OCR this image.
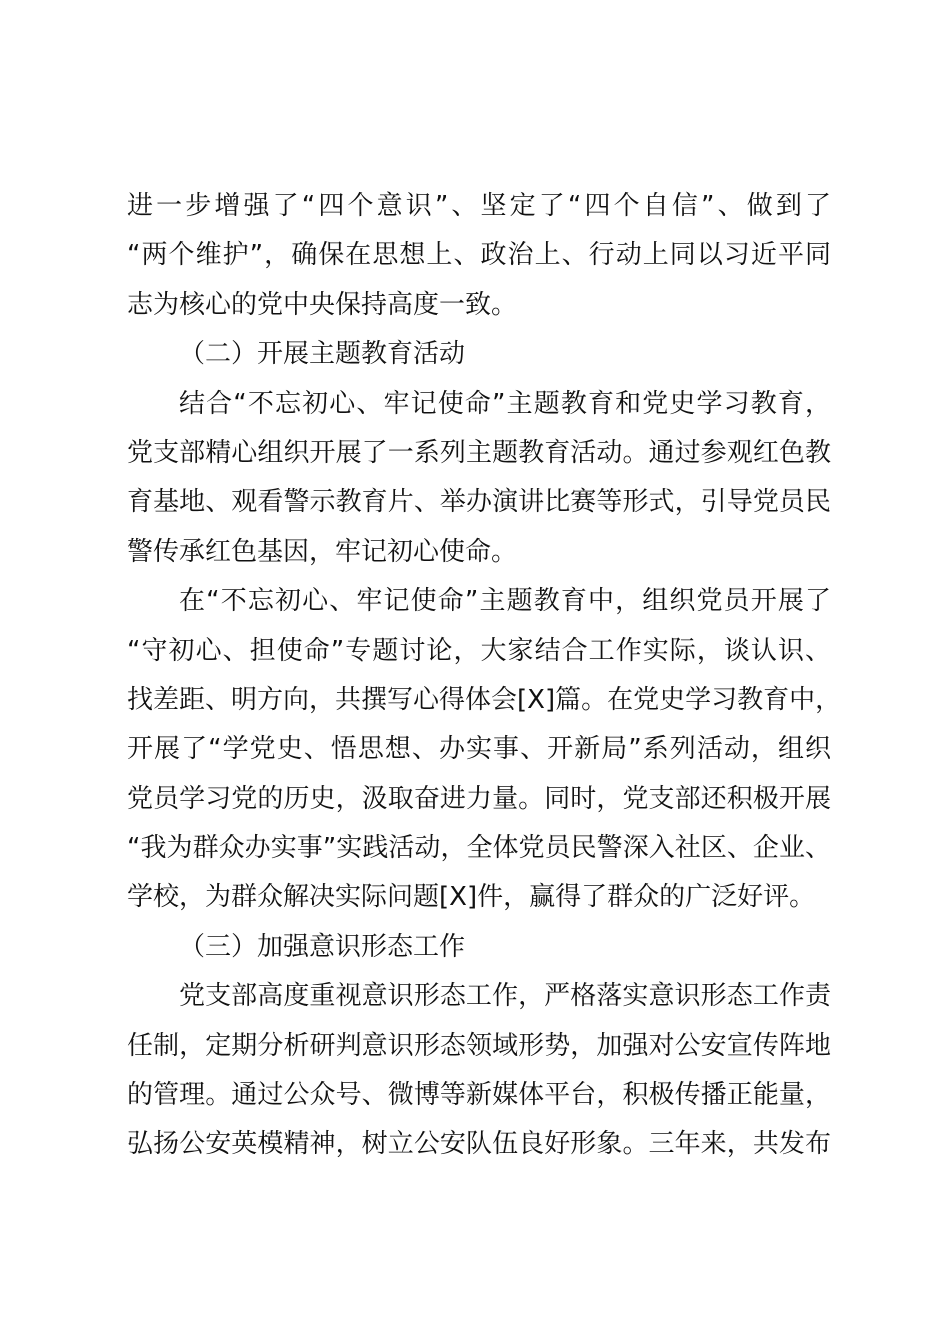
进一步增强了“四个意识”、坚定了“四个自信”、做到了
“两个维护”，确保在思想上、政治上、行动上同以习近平同
志为核心的党中央保持高度一致。
（二）开展主题教育活动
结合“不忘初心、牢记使命”主题教育和党史学习教育，
党支部精心组织开展了一系列主题教育活动。通过参观红色教
育基地、观看警示教育片、举办演讲比赛等形式，引导党员民
警传承红色基因，牢记初心使命。
在“不忘初心、牢记使命”主题教育中，组织党员开展了
“守初心、担使命”专题讨论，大家结合工作实际，谈认识、
找差距、明方向，共撰写心得体会[X]篇。在党史学习教育中，
开展了“学党史、悟思想、办实事、开新局”系列活动，组织
党员学习党的历史，汲取奋进力量。同时，党支部还积极开展
“我为群众办实事”实践活动，全体党员民警深入社区、企业、
学校，为群众解决实际问题[X]件，赢得了群众的广泛好评。
（三）加强意识形态工作
党支部高度重视意识形态工作，严格落实意识形态工作责
任制，定期分析研判意识形态领域形势，加强对公安宣传阵地
的管理。通过公众号、微博等新媒体平台，积极传播正能量，
弘扬公安英模精神，树立公安队伍良好形象。三年来，共发布
